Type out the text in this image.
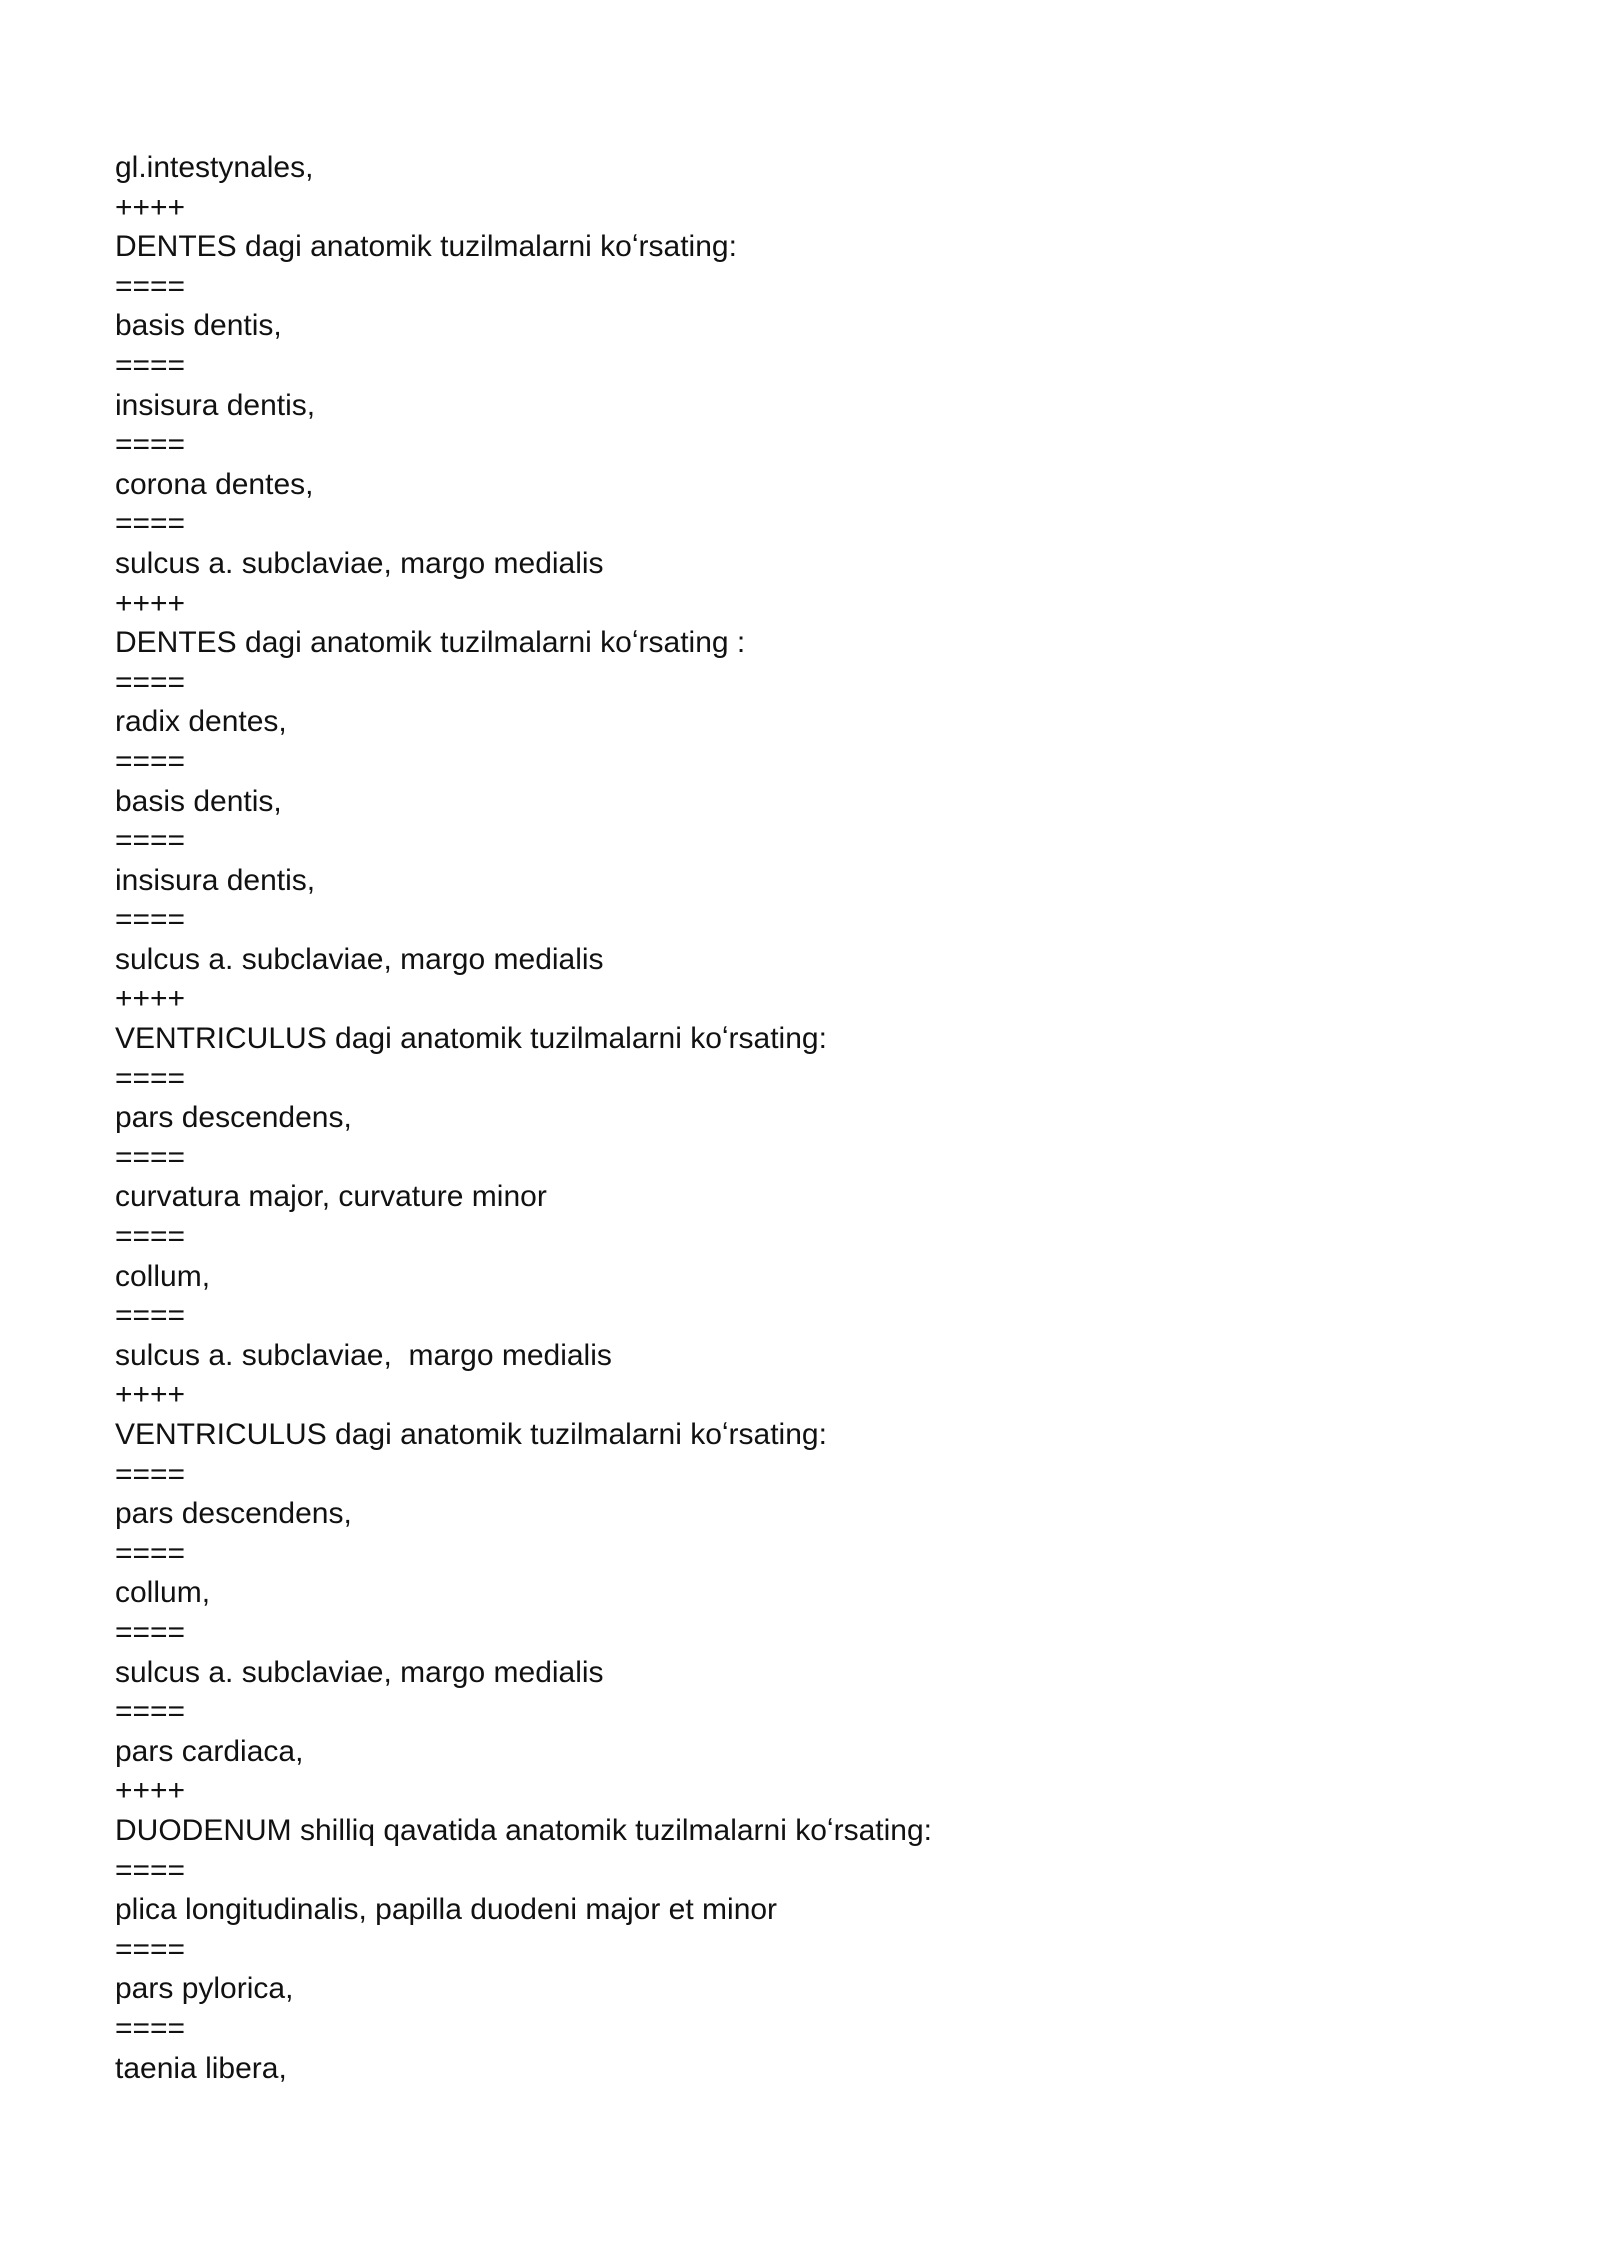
gl.intestynales,

++++

DENTES dagi anatomik tuzilmalarni koʻrsating:

====

basis dentis,

====

insisura dentis,

====

corona dentes,

====

sulcus a. subclaviae, margo medialis

++++

DENTES dagi anatomik tuzilmalarni koʻrsating :

====

radix dentes,

====

basis dentis,

====

insisura dentis,

====

sulcus a. subclaviae, margo medialis

++++

VENTRICULUS dagi anatomik tuzilmalarni koʻrsating:

====

pars descendens,

====

curvatura major, curvature minor

====

collum,

====

sulcus a. subclaviae,  margo medialis

++++

VENTRICULUS dagi anatomik tuzilmalarni koʻrsating:

====

pars descendens,

====

collum,

====

sulcus a. subclaviae, margo medialis

====

pars cardiaca,

++++

DUODENUM shilliq qavatida anatomik tuzilmalarni koʻrsating:

====

plica longitudinalis, papilla duodeni major et minor

====

pars pylorica,

====

taenia libera,
